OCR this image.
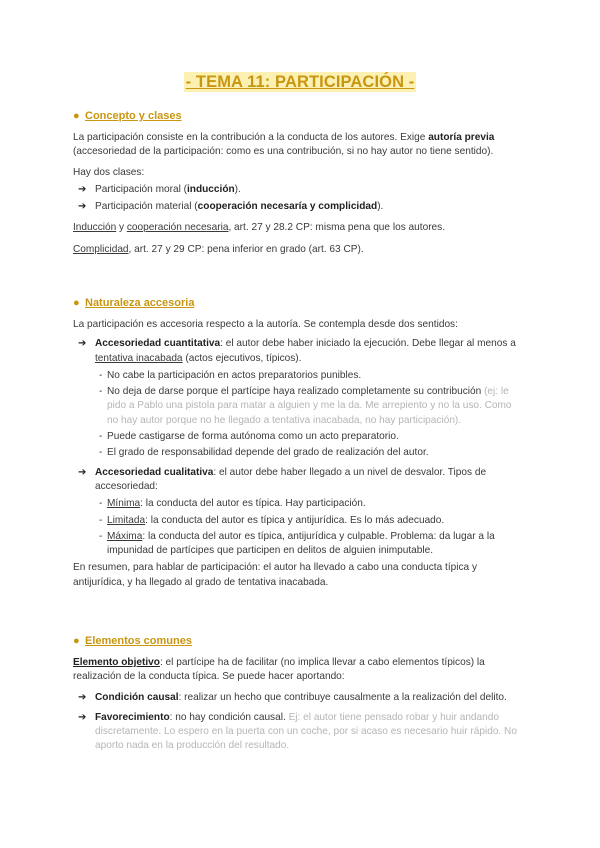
- TEMA 11: PARTICIPACIÓN -
● Concepto y clases

La participación consiste en la contribución a la conducta de los autores. Exige autoría previa (accesoriedad de la participación: como es una contribución, si no hay autor no tiene sentido).

Hay dos clases:

➔ Participación moral (inducción).
➔ Participación material (cooperación necesaría y complicidad).

Inducción y cooperación necesaria, art. 27 y 28.2 CP: misma pena que los autores.

Complicidad, art. 27 y 29 CP: pena inferior en grado (art. 63 CP).

● Naturaleza accesoria

La participación es accesoria respecto a la autoría. Se contempla desde dos sentidos:

➔ Accesoriedad cuantitativa: el autor debe haber iniciado la ejecución. Debe llegar al menos a tentativa inacabada (actos ejecutivos, típicos).
- No cabe la participación en actos preparatorios punibles.
- No deja de darse porque el partícipe haya realizado completamente su contribución (ej: le pido a Pablo una pistola para matar a alguien y me la da. Me arrepiento y no la uso. Como no hay autor porque no he llegado a tentativa inacabada, no hay participación).
- Puede castigarse de forma autónoma como un acto preparatorio.
- El grado de responsabilidad depende del grado de realización del autor.
➔ Accesoriedad cualitativa: el autor debe haber llegado a un nivel de desvalor. Tipos de accesoriedad:
- Mínima: la conducta del autor es típica. Hay participación.
- Limitada: la conducta del autor es típica y antijurídica. Es lo más adecuado.
- Máxima: la conducta del autor es típica, antijurídica y culpable. Problema: da lugar a la impunidad de partícipes que participen en delitos de alguien inimputable.

En resumen, para hablar de participación: el autor ha llevado a cabo una conducta típica y antijurídica, y ha llegado al grado de tentativa inacabada.

● Elementos comunes

Elemento objetivo: el partícipe ha de facilitar (no implica llevar a cabo elementos típicos) la realización de la conducta típica. Se puede hacer aportando:

➔ Condición causal: realizar un hecho que contribuye causalmente a la realización del delito.
➔ Favorecimiento: no hay condición causal. Ej: el autor tiene pensado robar y huir andando discretamente. Lo espero en la puerta con un coche, por si acaso es necesario huir rápido. No aporto nada en la producción del resultado.
